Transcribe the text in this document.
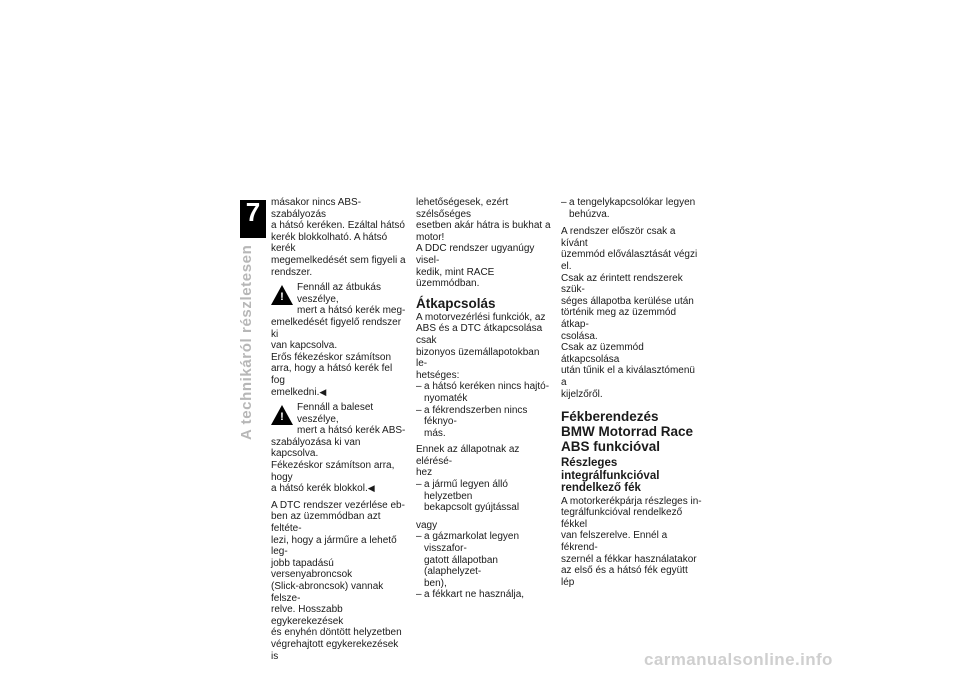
7
120
A technikáról részletesen

másakor nincs ABS-szabályozás
a hátsó keréken. Ezáltal hátsó
kerék blokkolható. A hátsó kerék
megemelkedését sem figyeli a
rendszer.

!
Fennáll az átbukás veszélye,
mert a hátsó kerék meg-
emelkedését figyelő rendszer ki
van kapcsolva.
Erős fékezéskor számítson
arra, hogy a hátsó kerék fel fog
emelkedni.◀
!
Fennáll a baleset veszélye,
mert a hátsó kerék ABS-
szabályozása ki van kapcsolva.
Fékezéskor számítson arra, hogy
a hátsó kerék blokkol.◀

A DTC rendszer vezérlése eb-
ben az üzemmódban azt feltéte-
lezi, hogy a járműre a lehető leg-
jobb tapadású versenyabroncsok
(Slick-abroncsok) vannak felsze-
relve. Hosszabb egykerekezések
és enyhén döntött helyzetben
végrehajtott egykerekezések is

lehetőségesek, ezért szélsőséges
esetben akár hátra is bukhat a
motor!
A DDC rendszer ugyanúgy visel-
kedik, mint RACE üzemmódban.

Átkapcsolás

A motorvezérlési funkciók, az
ABS és a DTC átkapcsolása csak
bizonyos üzemállapotokban le-
hetséges:

– a hátsó keréken nincs hajtó-
nyomaték
– a fékrendszerben nincs féknyo-
más.

Ennek az állapotnak az elérésé-
hez

– a jármű legyen álló helyzetben
bekapcsolt gyújtással

vagy

– a gázmarkolat legyen visszafor-
gatott állapotban (alaphelyzet-
ben),
– a fékkart ne használja,
– a tengelykapcsolókar legyen
behúzva.

A rendszer először csak a kívánt
üzemmód előválasztását végzi el.
Csak az érintett rendszerek szük-
séges állapotba kerülése után
történik meg az üzemmód átkap-
csolása.
Csak az üzemmód átkapcsolása
után tűnik el a kiválasztómenü a
kijelzőről.

Fékberendezés
BMW Motorrad Race
ABS funkcióval
Részleges
integrálfunkcióval
rendelkező fék

A motorkerékpárja részleges in-
tegrálfunkcióval rendelkező fékkel
van felszerelve. Ennél a fékrend-
szernél a fékkar használatakor
az első és a hátsó fék együtt lép

carmanualsonline.info
